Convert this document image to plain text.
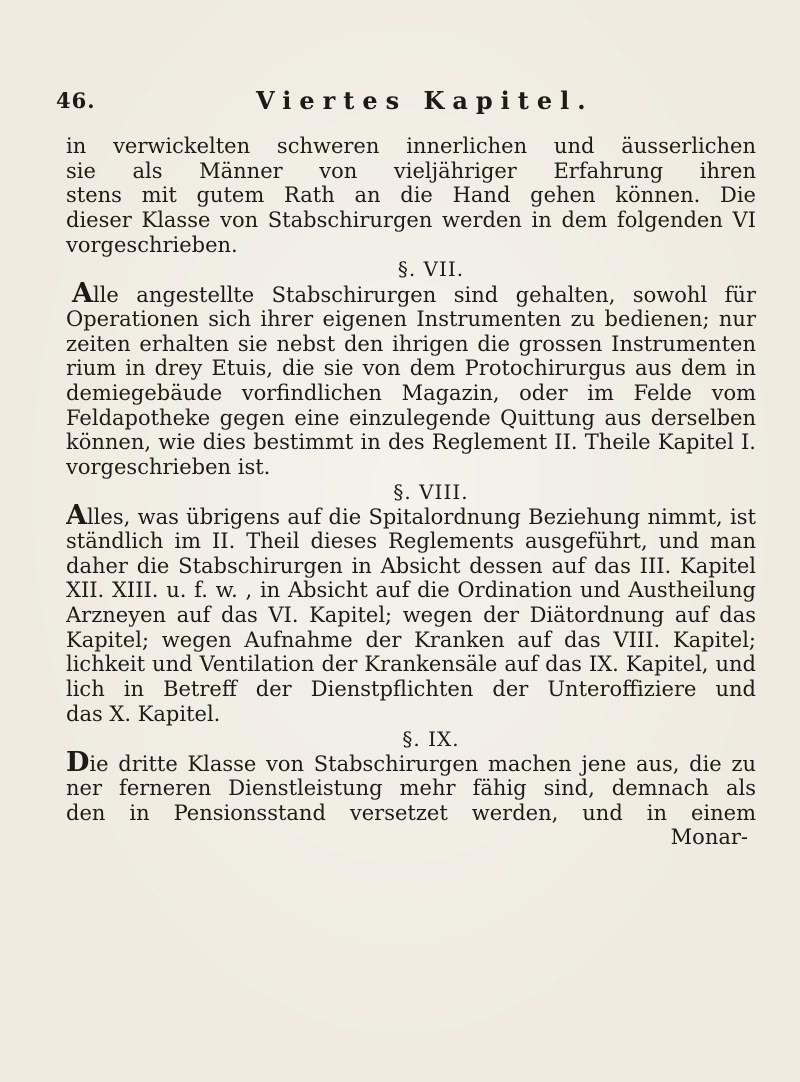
46.	Viertes Kapitel.
in verwickelten schweren innerlichen und äusserlichen
sie als Männer von vieljähriger Erfahrung ihren
stens mit gutem Rath an die Hand gehen können. Die
dieser Klasse von Stabschirurgen werden in dem folgenden VI
vorgeschrieben.
§. VII.
Alle angestellte Stabschirurgen sind gehalten, sowohl für
Operationen sich ihrer eigenen Instrumenten zu bedienen; nur
zeiten erhalten sie nebst den ihrigen die grossen Instrumenten
rium in drey Etuis, die sie von dem Protochirurgus aus dem in
demiegebäude vorfindlichen Magazin, oder im Felde vom
Feldapotheke gegen eine einzulegende Quittung aus derselben
können, wie dies bestimmt in des Reglement II. Theile Kapitel I.
vorgeschrieben ist.
§. VIII.
Alles, was übrigens auf die Spitalordnung Beziehung nimmt, ist
ständlich im II. Theil dieses Reglements ausgeführt, und man
daher die Stabschirurgen in Absicht dessen auf das III. Kapitel
XII. XIII. u. f. w. , in Absicht auf die Ordination und Austheilung
Arzneyen auf das VI. Kapitel; wegen der Diätordnung auf das
Kapitel; wegen Aufnahme der Kranken auf das VIII. Kapitel;
lichkeit und Ventilation der Krankensäle auf das IX. Kapitel, und
lich in Betreff der Dienstpflichten der Unteroffiziere und
das X. Kapitel.
§. IX.
Die dritte Klasse von Stabschirurgen machen jene aus, die zu
ner ferneren Dienstleistung mehr fähig sind, demnach als
den in Pensionsstand versetzet werden, und in einem
Monar-
